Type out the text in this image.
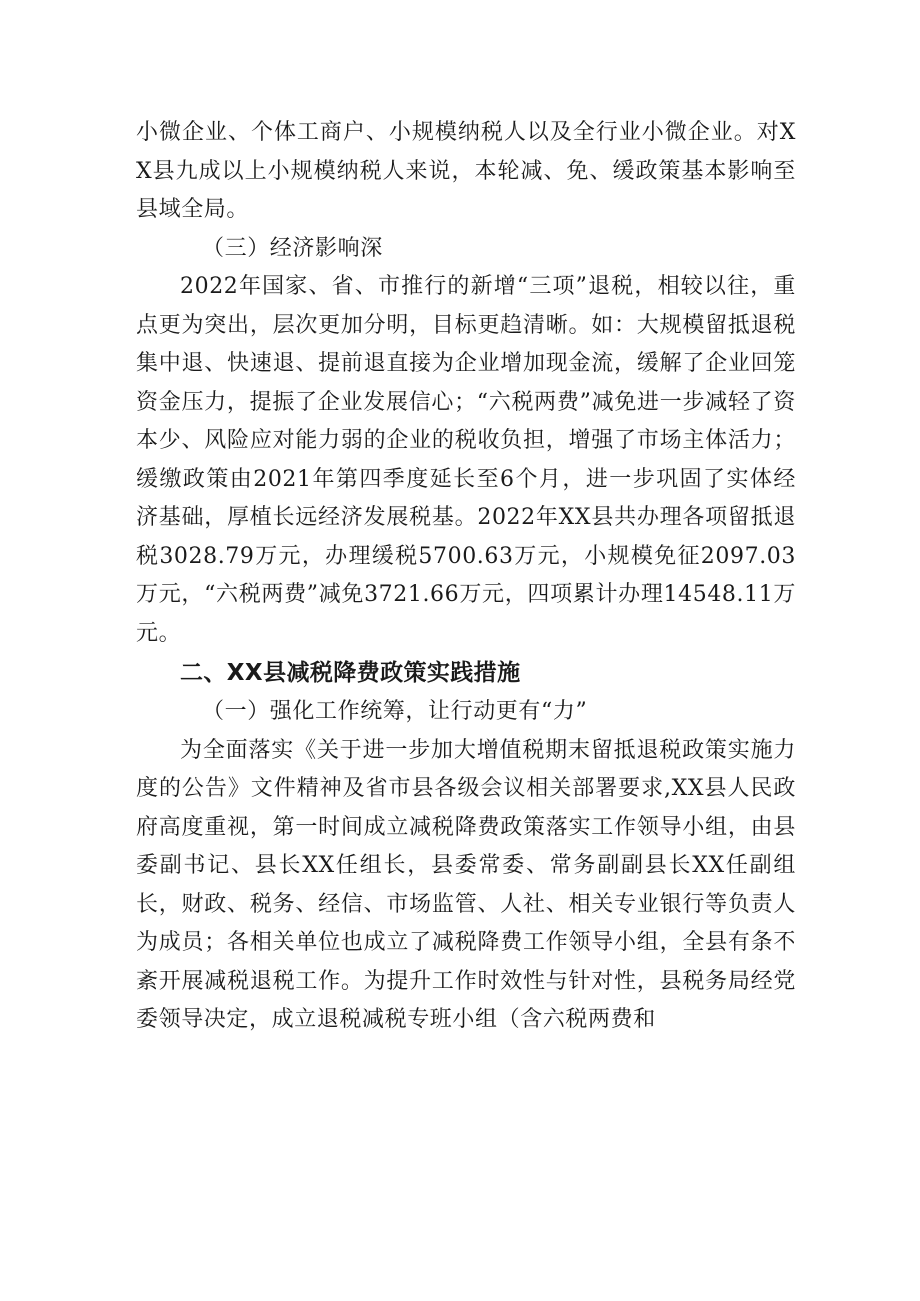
小微企业、个体工商户、小规模纳税人以及全行业小微企业。对XX县九成以上小规模纳税人来说，本轮减、免、缓政策基本影响至县域全局。

（三）经济影响深

2022年国家、省、市推行的新增“三项”退税，相较以往，重点更为突出，层次更加分明，目标更趋清晰。如：大规模留抵退税集中退、快速退、提前退直接为企业增加现金流，缓解了企业回笼资金压力，提振了企业发展信心；“六税两费”减免进一步减轻了资本少、风险应对能力弱的企业的税收负担，增强了市场主体活力；缓缴政策由2021年第四季度延长至6个月，进一步巩固了实体经济基础，厚植长远经济发展税基。2022年XX县共办理各项留抵退税3028.79万元，办理缓税5700.63万元，小规模免征2097.03万元，“六税两费”减免3721.66万元，四项累计办理14548.11万元。

二、XX县减税降费政策实践措施

（一）强化工作统筹，让行动更有“力”

为全面落实《关于进一步加大增值税期末留抵退税政策实施力度的公告》文件精神及省市县各级会议相关部署要求,XX县人民政府高度重视，第一时间成立减税降费政策落实工作领导小组，由县委副书记、县长XX任组长，县委常委、常务副副县长XX任副组长，财政、税务、经信、市场监管、人社、相关专业银行等负责人为成员；各相关单位也成立了减税降费工作领导小组，全县有条不紊开展减税退税工作。为提升工作时效性与针对性，县税务局经党委领导决定，成立退税减税专班小组（含六税两费和
